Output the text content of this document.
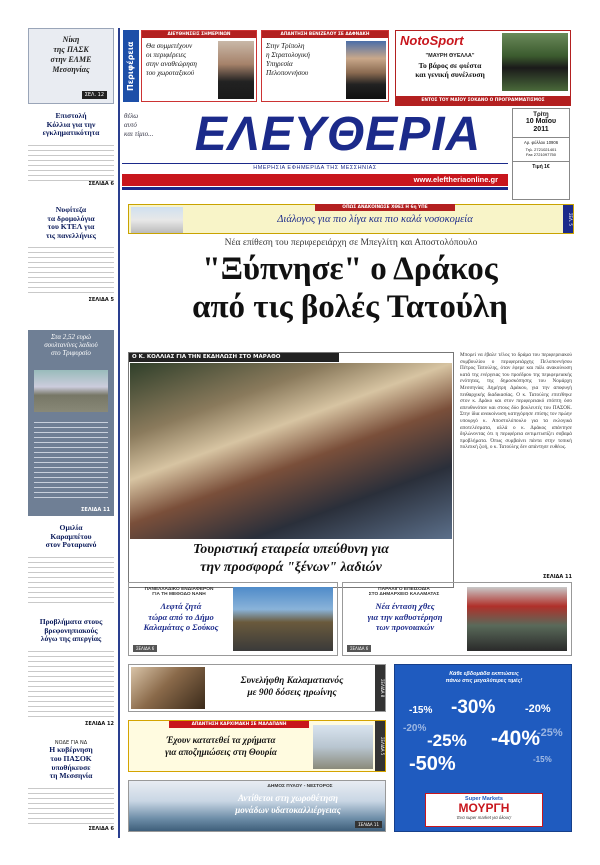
Νίκη
της ΠΑΣΚ
στην ΕΛΜΕ
Μεσσηνίας
ΣΕΛ. 12
Επιστολή
Κόλλια για την
εγκληματικότητα
ΣΕΛΙΔΑ 6
Νυφίτεζα
τα δρομολόγια
του ΚΤΕΛ για
τις πανελλήνιες
ΣΕΛΙΔΑ 5
Στα 2,52 ευρώ
σουλτανίνες λαδιού
στο Τριφυρσίο
ΣΕΛΙΔΑ 11
Ομιλία
Καραμπέτου
στον Ροταριανό
Προβλήματα στους
βρεφονηπιακούς
λόγω της απεργίας
ΣΕΛΙΔΑ 12
ΝΟΔΕ ΓΙΑ ΝΔ
Η κυβέρνηση
του ΠΑΣΟΚ
υποθήκευσε
τη Μεσσηνία
ΣΕΛΙΔΑ 6
Περιφέρεια
ΔΙΕΥΘΗΝΣΕΙΣ ΣΗΜΕΡΙΝΩΝ
Θα συμμετέχουν
οι περιφέρειες
στην αναθεώρηση
του χωροταξικού
ΑΠΑΝΤΗΣΗ ΒΕΝΙΖΕΛΟΥ ΣΕ ΔΑΦΝΑΚΗ
Στην Τρίπολη
η Στρατολογική
Υπηρεσία
Πελοποννήσου
NotoSport
"ΜΑΥΡΗ ΘΥΕΛΛΑ"
Το βάρος σε φιέστα
και γενική συνέλευση
ΕΝΤΟΣ ΤΟΥ ΜΑΪΟΥ ΣΟΚΑΝΟ Ο ΠΡΟΓΡΑΜΜΑΤΙΣΜΟΣ
θέλω
αυτό
και τίμιο... ΕΛΕΥΘΕΡΙΑ	Τρίτη
10 Μαΐου
2011
Αρ. φύλλου 10906
Τηλ. 2721021401
Fax 2721097750
Τιμή 1€
ΗΜΕΡΗΣΙΑ ΕΦΗΜΕΡΙΔΑ ΤΗΣ ΜΕΣΣΗΝΙΑΣ
www.eleftheriaonline.gr
ΟΠΩΣ ΑΝΑΚΟΙΝΩΣΕ ΧΘΕΣ Η 6η ΥΠΕ
Διάλογος για πιο λίγα και πιο καλά νοσοκομεία	ΣΕΛ. 5
Νέα επίθεση του περιφερειάρχη σε Μπεγλίτη και Αποστολόπουλο
"Ξύπνησε" ο Δράκος
από τις βολές Τατούλη
Ο Κ. ΚΟΛΛΙΑΣ ΓΙΑ ΤΗΝ ΕΚΔΗΛΩΣΗ ΣΤΟ ΜΑΡΑΘΟ
Τουριστική εταιρεία υπεύθυνη για
την προσφορά "ξένων" λαδιών
Μπορεί να έβαλε τέλος το δράμα του περιφερειακού συμβουλίου ο περιφερειάρχης Πελοποννήσου Πέτρος Τατούλης, όταν έφερε και πάλι ανακοίνωση κατά της ενέργειας του προέδρου της περιφερειακής ενότητας, της δημοσκόπησης του Νομάρχη Μεσσηνίας Δημήτρη Δράκου, για την αποφυγή πειθαρχικής διαδικασίας. Ο κ. Τατούλης επιτέθηκε στον κ. Δράκο και στον περιφερειακό επόπτη όσο απευθυνόταν και στους δύο βουλευτές του ΠΑΣΟΚ. Στην ίδια ανακοίνωση κατηγόρησε επίσης τον πρώην υπουργό κ. Αποστολόπουλο για τα εκλογικά αποτελέσματα, αλλά ο κ. Δράκος απάντησε δηλώνοντας ότι η περιφέρεια αντιμετωπίζει σοβαρά προβλήματα. Όπως συμβαίνει πάντα στην τοπική πολιτική ζωή, ο κ. Τατούλης δεν απάντησε ευθέως.
ΣΕΛΙΔΑ 11
ΠΑΝΕΛΛΑΔΙΚΟ ΕΝΔΙΑΦΕΡΟΝ
ΓΙΑ ΤΗ ΜΕΘΟΔΟ ΝΑΝΗ
Λεφτά ζητά
τώρα από το Δήμο
Καλαμάτας ο Σούκος
ΣΕΛΙΔΑ 6
ΠΑΡΑΛΙΓΟ ΕΠΕΙΣΟΔΙΑ
ΣΤΟ ΔΗΜΑΡΧΕΙΟ ΚΑΛΑΜΑΤΑΣ
Νέα ένταση χθες
για την καθυστέρηση
των προνοιακών
ΣΕΛΙΔΑ 6
Συνελήφθη Καλαματιανός
με 900 δόσεις ηρωίνης	ΣΕΛΙΔΑ 8
ΑΠΑΝΤΗΣΗ ΚΑΡΧΙΜΑΚΗ ΣΕ ΜΑΛΑΠΑΝΗ
Έχουν κατατεθεί τα χρήματα
για αποζημιώσεις στη Θουρία	ΣΕΛΙΔΑ 5
ΔΗΜΟΣ ΠΥΛΟΥ - ΝΕΣΤΟΡΟΣ
Αντίθετοι στη χωροθέτηση
μονάδων υδατοκαλλιέργειας
ΣΕΛΙΔΑ 11
Κάθε εβδομάδα εκπτώσεις
πάνω στις μεγαλύτερες τιμές!
-15% -30%	-20%
-20%
-25% -40%
-25%
-50%	-15%
Super Markets
ΜΟΥΡΓΗ
Ένα super market για όλους!
